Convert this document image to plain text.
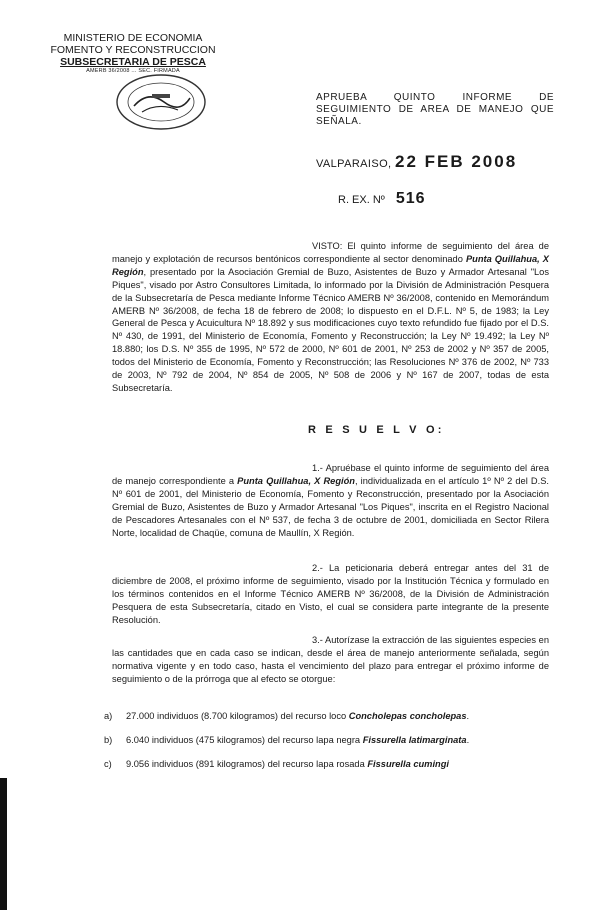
MINISTERIO DE ECONOMIA
FOMENTO Y RECONSTRUCCION
SUBSECRETARIA DE PESCA
AMERB 36/2008 ... SEC. FIRMADA
APRUEBA QUINTO INFORME DE SEGUIMIENTO DE AREA DE MANEJO QUE SEÑALA.
VALPARAISO, 22 FEB 2008
R. EX. Nº 516
VISTO: El quinto informe de seguimiento del área de manejo y explotación de recursos bentónicos correspondiente al sector denominado Punta Quillahua, X Región, presentado por la Asociación Gremial de Buzo, Asistentes de Buzo y Armador Artesanal "Los Piques", visado por Astro Consultores Limitada, lo informado por la División de Administración Pesquera de la Subsecretaría de Pesca mediante Informe Técnico AMERB Nº 36/2008, contenido en Memorándum AMERB Nº 36/2008, de fecha 18 de febrero de 2008; lo dispuesto en el D.F.L. Nº 5, de 1983; la Ley General de Pesca y Acuicultura Nº 18.892 y sus modificaciones cuyo texto refundido fue fijado por el D.S. Nº 430, de 1991, del Ministerio de Economía, Fomento y Reconstrucción; la Ley Nº 19.492; la Ley Nº 18.880; los D.S. Nº 355 de 1995, Nº 572 de 2000, Nº 601 de 2001, Nº 253 de 2002 y Nº 357 de 2005, todos del Ministerio de Economía, Fomento y Reconstrucción; las Resoluciones Nº 376 de 2002, Nº 733 de 2003, Nº 792 de 2004, Nº 854 de 2005, Nº 508 de 2006 y Nº 167 de 2007, todas de esta Subsecretaría.
R E S U E L V O:
1.- Apruébase el quinto informe de seguimiento del área de manejo correspondiente a Punta Quillahua, X Región, individualizada en el artículo 1º Nº 2 del D.S. Nº 601 de 2001, del Ministerio de Economía, Fomento y Reconstrucción, presentado por la Asociación Gremial de Buzo, Asistentes de Buzo y Armador Artesanal "Los Piques", inscrita en el Registro Nacional de Pescadores Artesanales con el Nº 537, de fecha 3 de octubre de 2001, domiciliada en Sector Rilera Norte, localidad de Chaqüe, comuna de Maullín, X Región.
2.- La peticionaria deberá entregar antes del 31 de diciembre de 2008, el próximo informe de seguimiento, visado por la Institución Técnica y formulado en los términos contenidos en el Informe Técnico AMERB Nº 36/2008, de la División de Administración Pesquera de esta Subsecretaría, citado en Visto, el cual se considera parte integrante de la presente Resolución.
3.- Autorízase la extracción de las siguientes especies en las cantidades que en cada caso se indican, desde el área de manejo anteriormente señalada, según normativa vigente y en todo caso, hasta el vencimiento del plazo para entregar el próximo informe de seguimiento o de la prórroga que al efecto se otorgue:
a) 27.000 individuos (8.700 kilogramos) del recurso loco Concholepas concholepas.
b) 6.040 individuos (475 kilogramos) del recurso lapa negra Fissurella latimarginata.
c) 9.056 individuos (891 kilogramos) del recurso lapa rosada Fissurella cumingi
